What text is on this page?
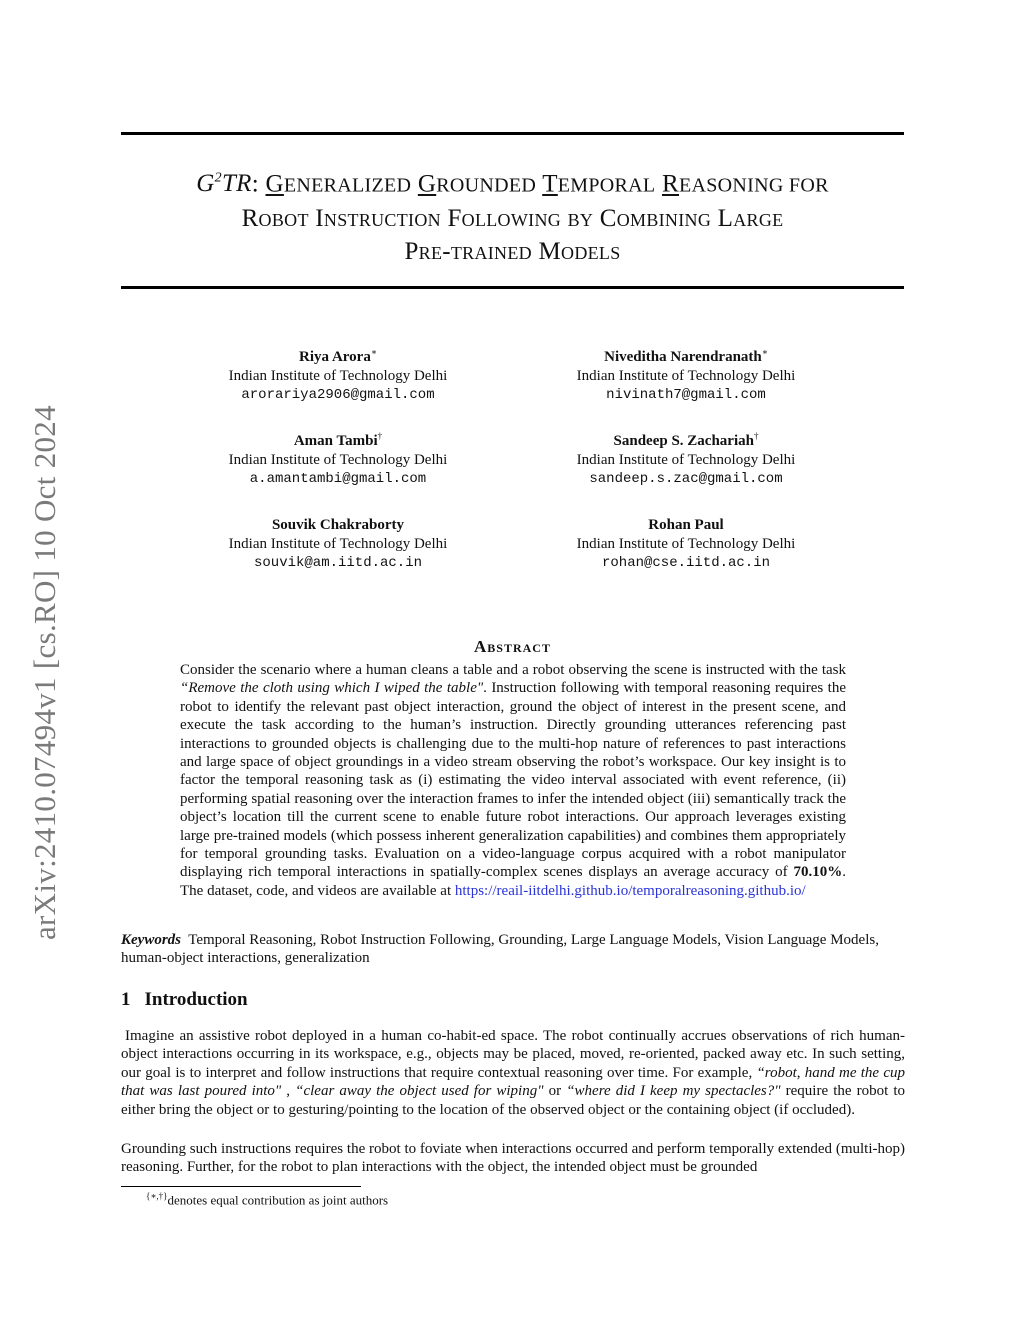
arXiv:2410.07494v1 [cs.RO] 10 Oct 2024
$G^2TR$: GENERALIZED GROUNDED TEMPORAL REASONING FOR
Robot Instruction Following by Combining Large
Pre-trained Models
Riya Arora∗
Indian Institute of Technology Delhi
arorariya2906@gmail.com
Niveditha Narendranath∗
Indian Institute of Technology Delhi
nivinath7@gmail.com
Aman Tambi†
Indian Institute of Technology Delhi
a.amantambi@gmail.com
Sandeep S. Zachariah†
Indian Institute of Technology Delhi
sandeep.s.zac@gmail.com
Souvik Chakraborty
Indian Institute of Technology Delhi
souvik@am.iitd.ac.in
Rohan Paul
Indian Institute of Technology Delhi
rohan@cse.iitd.ac.in
Abstract
Consider the scenario where a human cleans a table and a robot observing the scene is instructed with the task “Remove the cloth using which I wiped the table". Instruction following with temporal reasoning requires the robot to identify the relevant past object interaction, ground the object of interest in the present scene, and execute the task according to the human’s instruction. Directly grounding utterances referencing past interactions to grounded objects is challenging due to the multi-hop nature of references to past interactions and large space of object groundings in a video stream observing the robot’s workspace. Our key insight is to factor the temporal reasoning task as (i) estimating the video interval associated with event reference, (ii) performing spatial reasoning over the interaction frames to infer the intended object (iii) semantically track the object’s location till the current scene to enable future robot interactions. Our approach leverages existing large pre-trained models (which possess inherent generalization capabilities) and combines them appropriately for temporal grounding tasks. Evaluation on a video-language corpus acquired with a robot manipulator displaying rich temporal interactions in spatially-complex scenes displays an average accuracy of 70.10%. The dataset, code, and videos are available at https://reail-iitdelhi.github.io/temporalreasoning.github.io/
Keywords Temporal Reasoning, Robot Instruction Following, Grounding, Large Language Models, Vision Language Models, human-object interactions, generalization
1 Introduction
Imagine an assistive robot deployed in a human co-habit-ed space. The robot continually accrues observations of rich human-object interactions occurring in its workspace, e.g., objects may be placed, moved, re-oriented, packed away etc. In such setting, our goal is to interpret and follow instructions that require contextual reasoning over time. For example, “robot, hand me the cup that was last poured into" , “clear away the object used for wiping" or “where did I keep my spectacles?" require the robot to either bring the object or to gesturing/pointing to the location of the observed object or the containing object (if occluded).
Grounding such instructions requires the robot to foviate when interactions occurred and perform temporally extended (multi-hop) reasoning. Further, for the robot to plan interactions with the object, the intended object must be grounded
{∗,†}denotes equal contribution as joint authors
